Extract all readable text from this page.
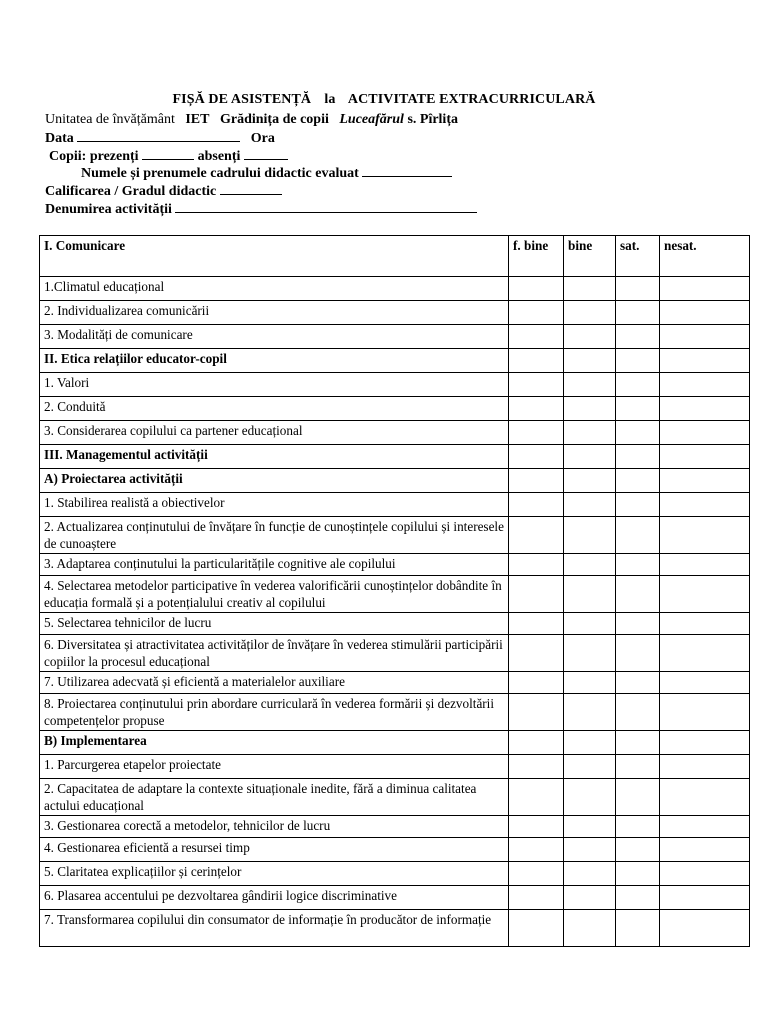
FIȘĂ DE ASISTENȚĂ la ACTIVITATE EXTRACURRICULARĂ
Unitatea de învățământ IET Grădinița de copii Luceafărul s. Pîrlița
Data	Ora
Copii: prezenți	absenți
Numele și prenumele cadrului didactic evaluat
Calificarea / Gradul didactic
Denumirea activității
I. Comunicare	f. bine	bine	sat.	nesat.
1.Climatul educațional				
2. Individualizarea comunicării				
3. Modalități de comunicare				
II. Etica relațiilor educator-copil				
1. Valori				
2. Conduită				
3. Considerarea copilului ca partener educațional				
III. Managementul activității				
A) Proiectarea activității				
1. Stabilirea realistă a obiectivelor				
2. Actualizarea conținutului de învățare în funcție de cunoștințele copilului și interesele de cunoaștere				
3. Adaptarea conținutului la particularitățile cognitive ale copilului				
4. Selectarea metodelor participative în vederea valorificării cunoștințelor dobândite în educația formală și a potențialului creativ al copilului				
5. Selectarea tehnicilor de lucru				
6. Diversitatea și atractivitatea activităților de învățare în vederea stimulării participării copiilor la procesul educațional				
7. Utilizarea adecvată și eficientă a materialelor auxiliare				
8. Proiectarea conținutului prin abordare curriculară în vederea formării și dezvoltării competențelor propuse				
B) Implementarea				
1. Parcurgerea etapelor proiectate				
2. Capacitatea de adaptare la contexte situaționale inedite, fără a diminua calitatea actului educațional				
3. Gestionarea corectă a metodelor, tehnicilor de lucru				
4. Gestionarea eficientă a resursei timp				
5. Claritatea explicațiilor și cerințelor				
6. Plasarea accentului pe dezvoltarea gândirii logice discriminative				
7. Transformarea copilului din consumator de informație în producător de informație				
